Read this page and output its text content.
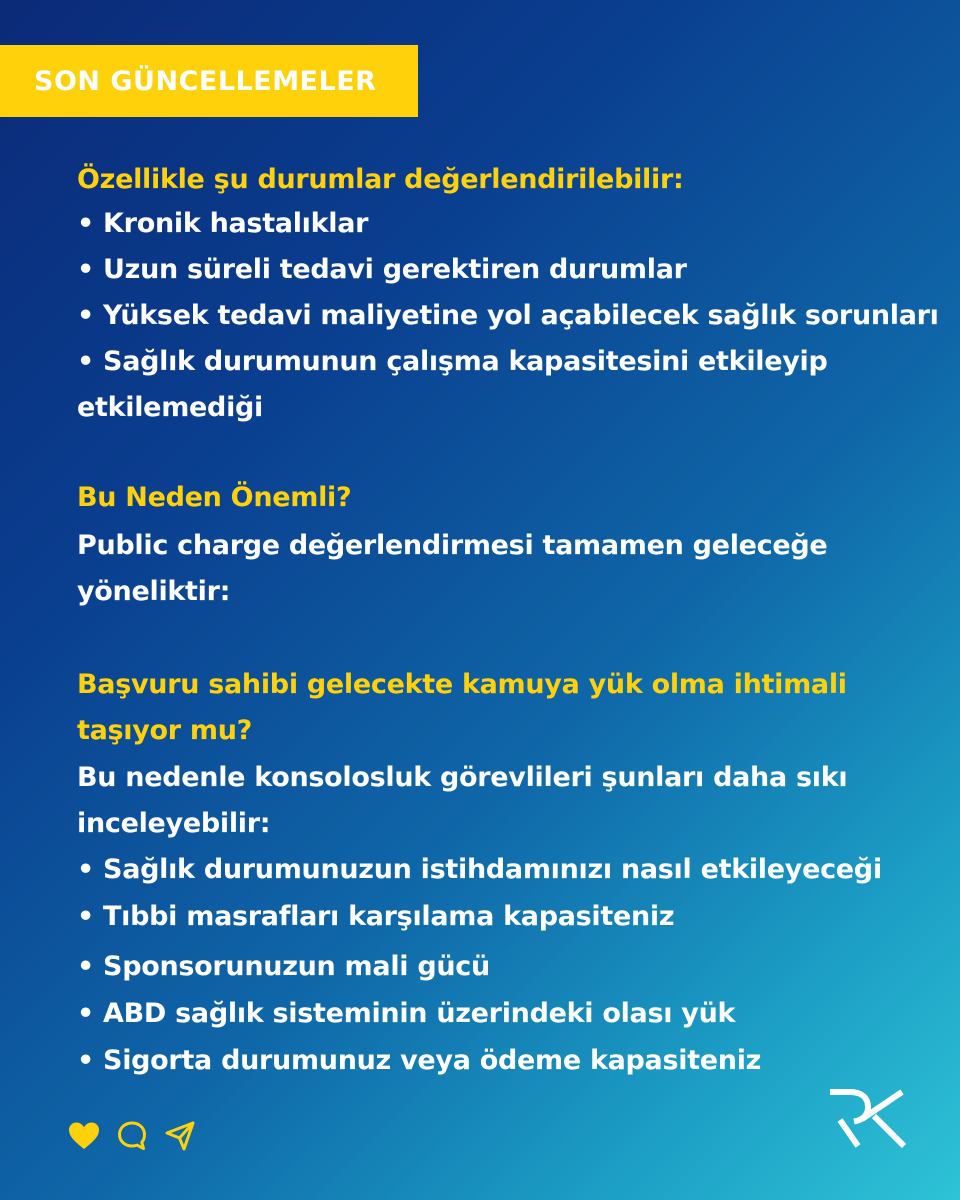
SON GÜNCELLEMELER
Özellikle şu durumlar değerlendirilebilir:
• Kronik hastalıklar
• Uzun süreli tedavi gerektiren durumlar
• Yüksek tedavi maliyetine yol açabilecek sağlık sorunları
• Sağlık durumunun çalışma kapasitesini etkileyip
etkilemediği
Bu Neden Önemli?
Public charge değerlendirmesi tamamen geleceğe
yöneliktir:
Başvuru sahibi gelecekte kamuya yük olma ihtimali
taşıyor mu?
Bu nedenle konsolosluk görevlileri şunları daha sıkı
inceleyebilir:
• Sağlık durumunuzun istihdamınızı nasıl etkileyeceği
• Tıbbi masrafları karşılama kapasiteniz
• Sponsorunuzun mali gücü
• ABD sağlık sisteminin üzerindeki olası yük
• Sigorta durumunuz veya ödeme kapasiteniz
